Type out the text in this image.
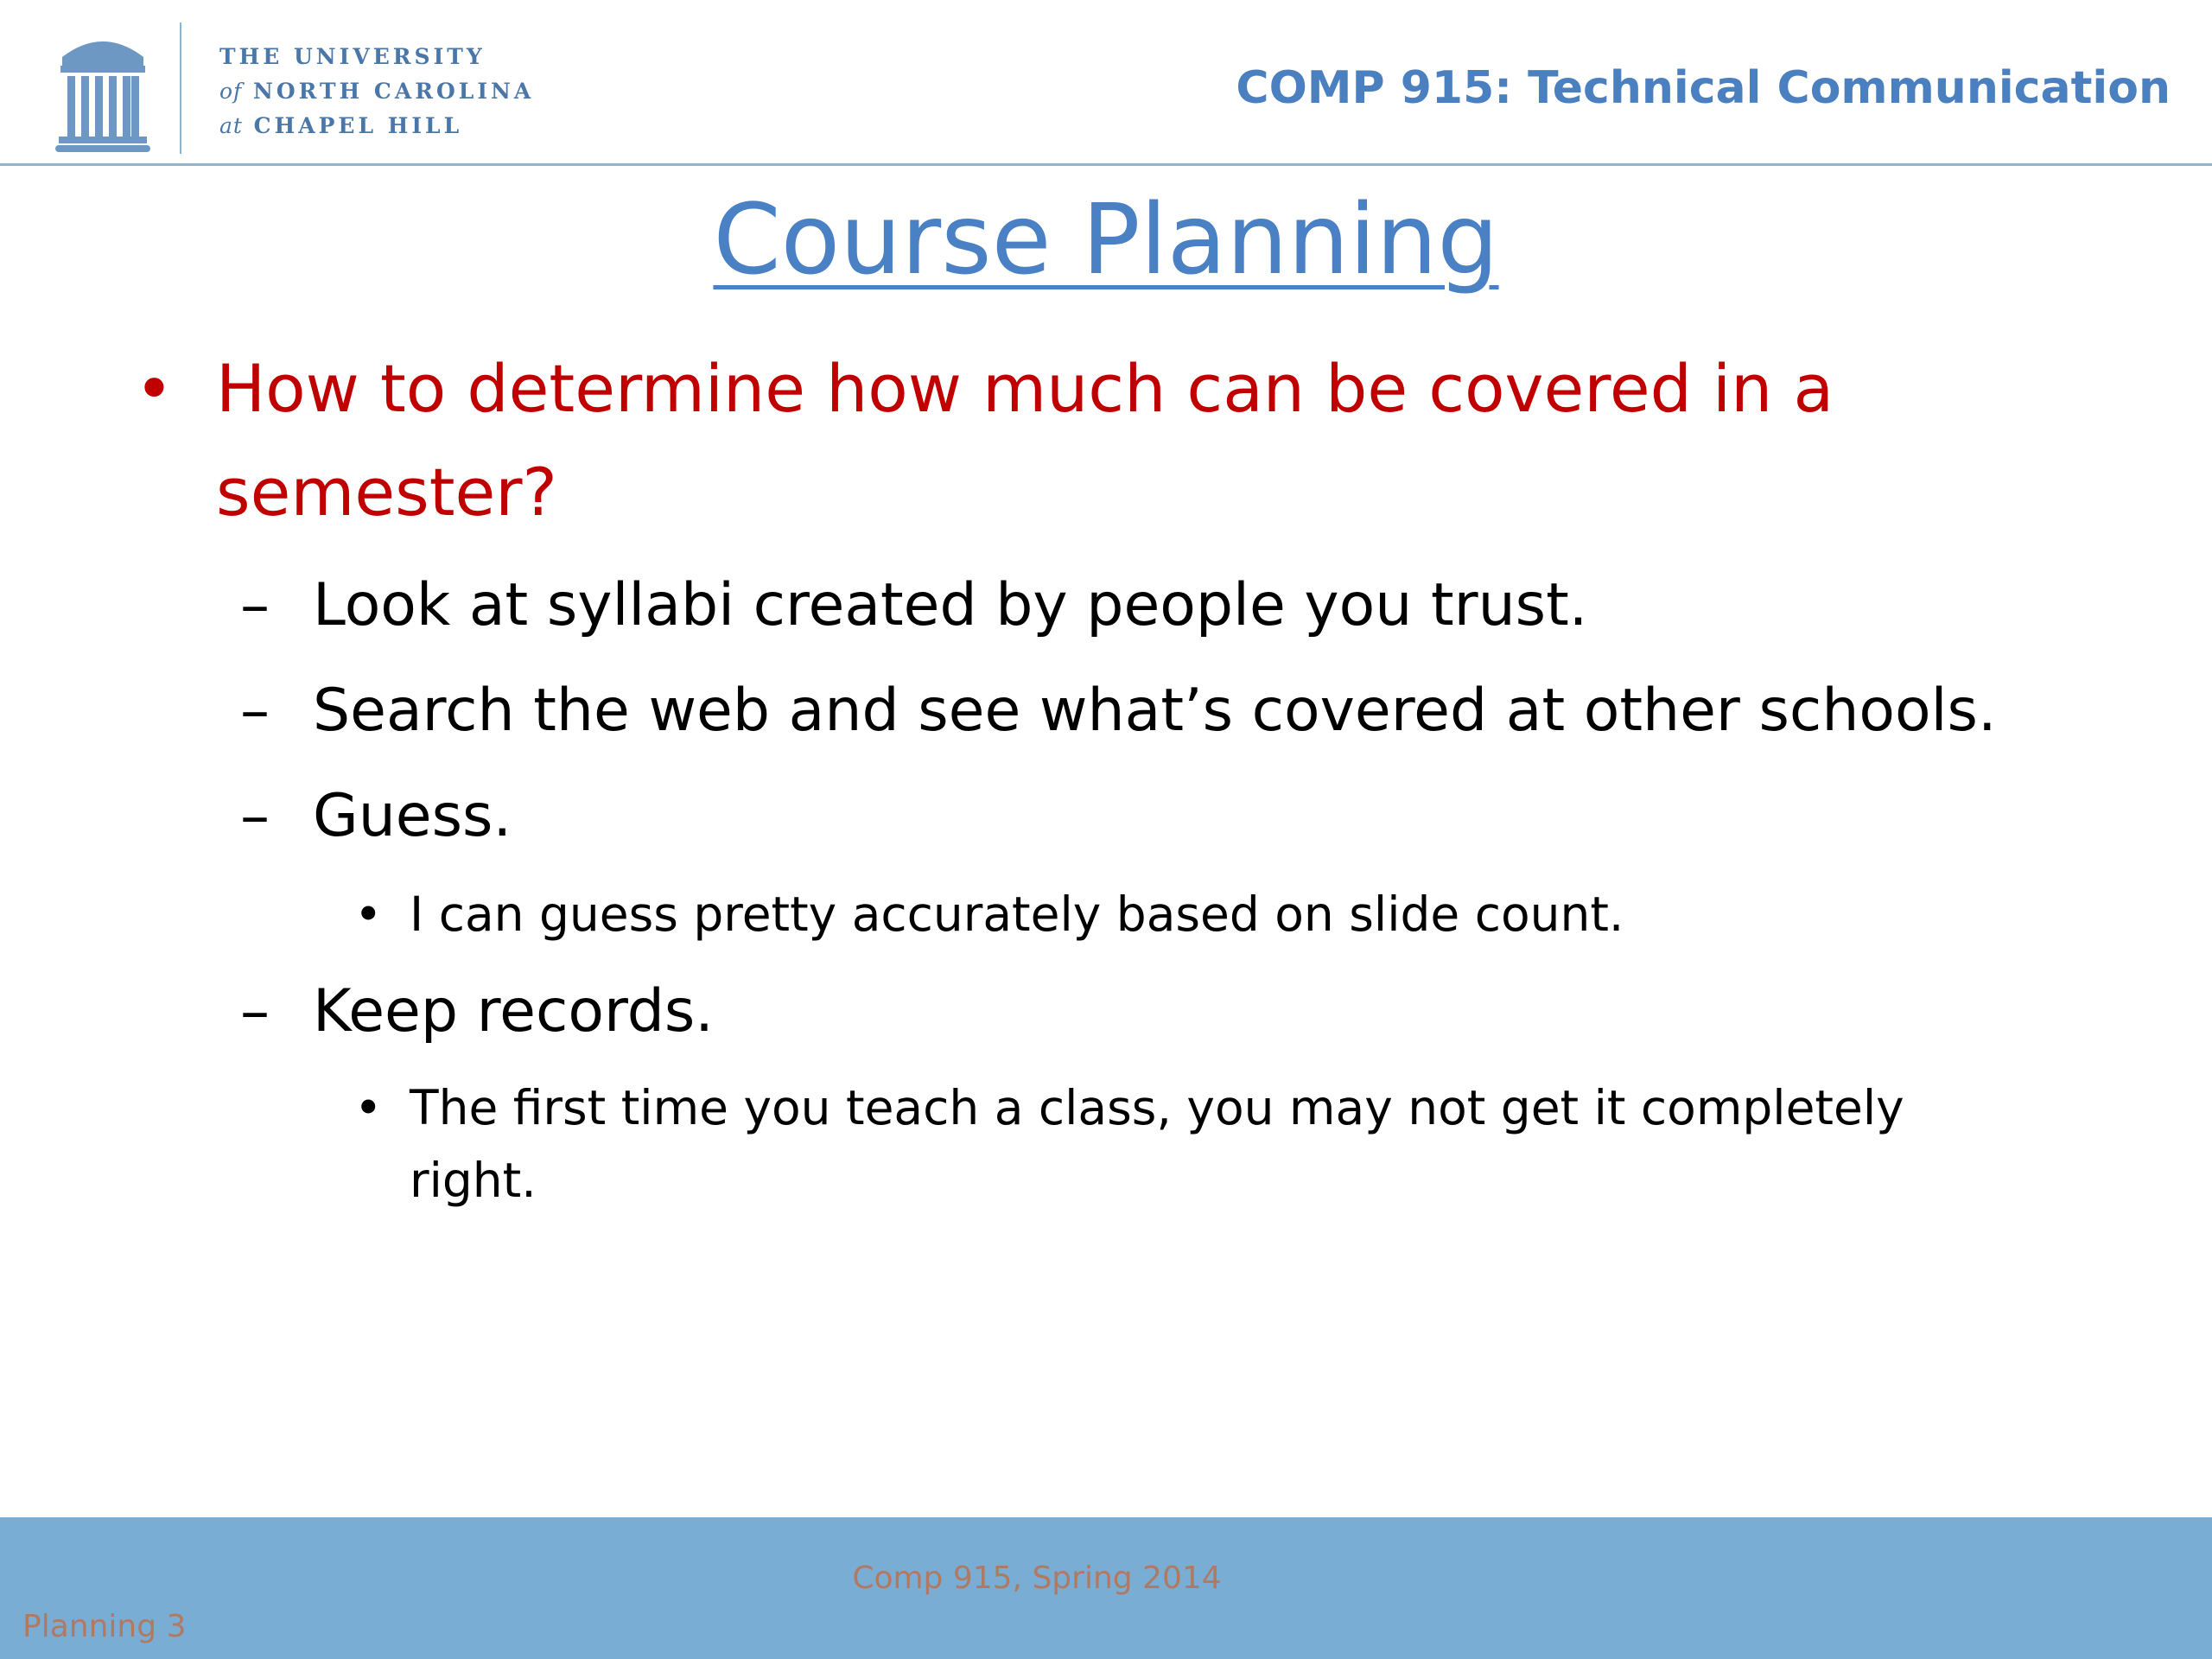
THE UNIVERSITY
of NORTH CAROLINA
at CHAPEL HILL
COMP 915: Technical Communication
Course Planning
• How to determine how much can be covered in a
semester?
– Look at syllabi created by people you trust.
– Search the web and see what’s covered at other schools.
– Guess.
• I can guess pretty accurately based on slide count.
– Keep records.
• The first time you teach a class, you may not get it completely
right.
Comp 915, Spring 2014
Planning 3
